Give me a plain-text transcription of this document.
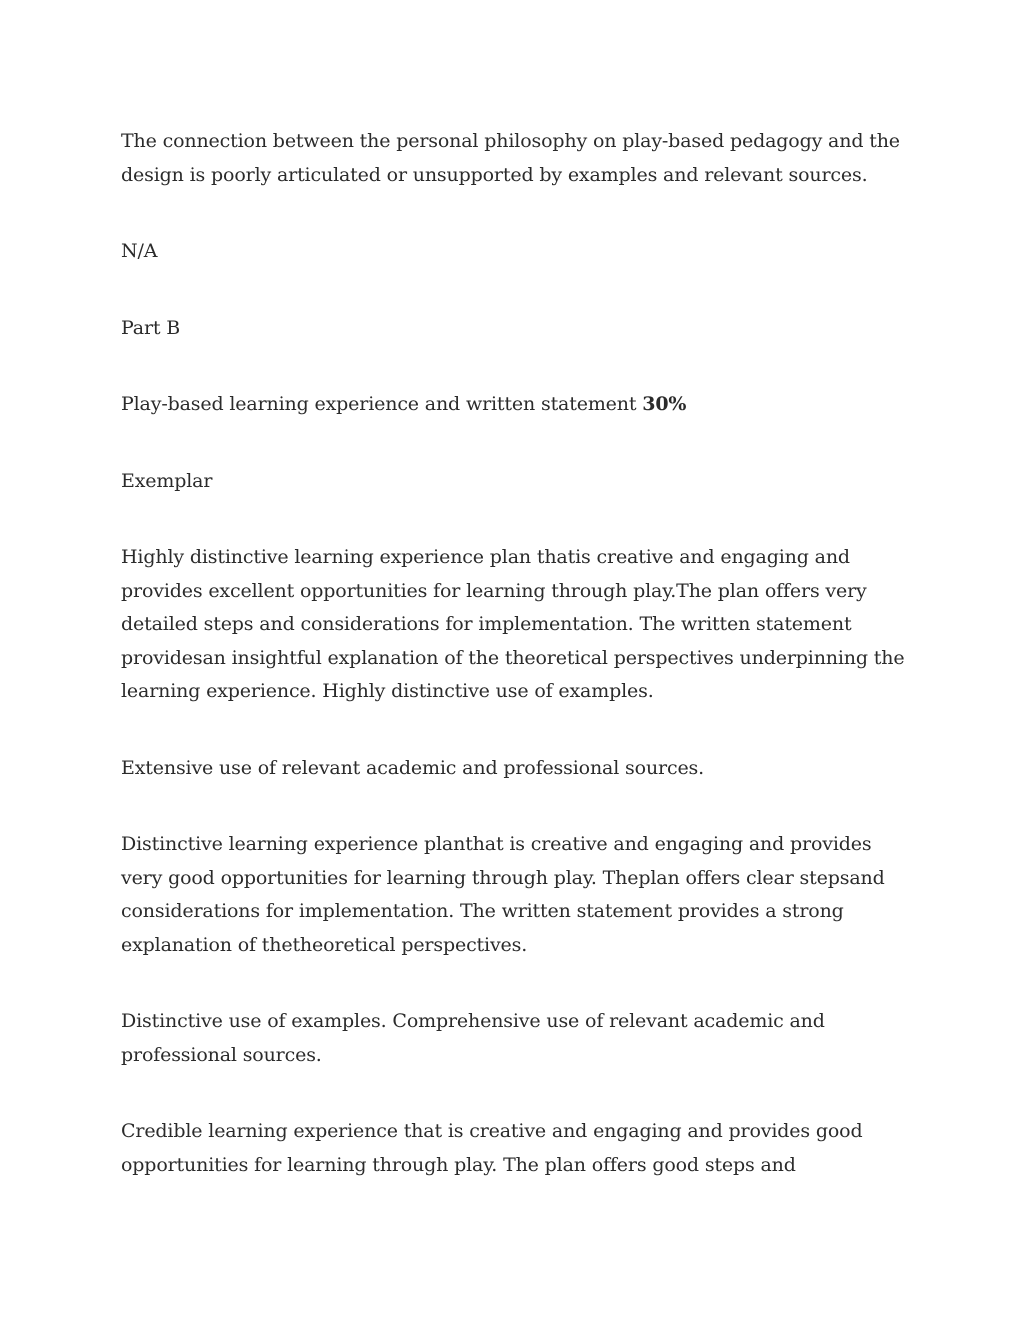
The connection between the personal philosophy on play-based pedagogy and the design is poorly articulated or unsupported by examples and relevant sources.

N/A

Part B

Play-based learning experience and written statement 30%

Exemplar

Highly distinctive learning experience plan thatis creative and engaging and provides excellent opportunities for learning through play.The plan offers very detailed steps and considerations for implementation. The written statement providesan insightful explanation of the theoretical perspectives underpinning the learning experience. Highly distinctive use of examples.

Extensive use of relevant academic and professional sources.

Distinctive learning experience planthat is creative and engaging and provides very good opportunities for learning through play. Theplan offers clear stepsand considerations for implementation. The written statement provides a strong explanation of thetheoretical perspectives.

Distinctive use of examples. Comprehensive use of relevant academic and professional sources.

Credible learning experience that is creative and engaging and provides good opportunities for learning through play. The plan offers good steps and
